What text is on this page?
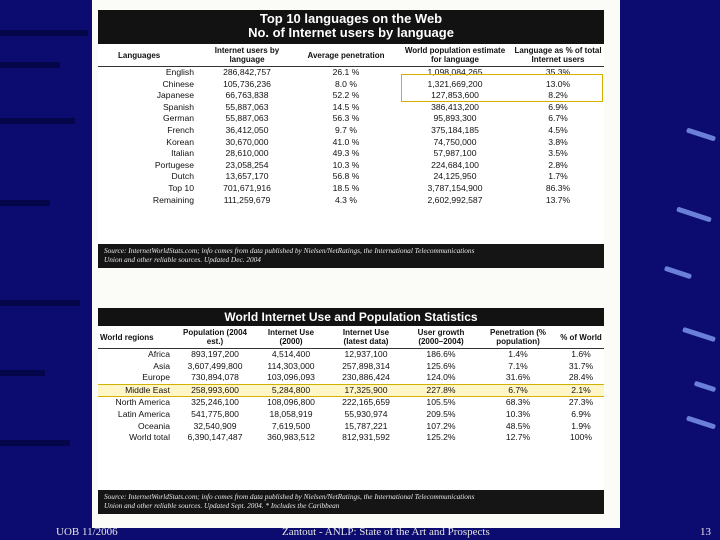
Top 10 languages on the Web
No. of Internet users by language
Languages	Internet users by language	Average penetration	World population estimate for language	Language as % of total Internet users
English	286,842,757	26.1 %	1,098,084,265	35.3%
Chinese	105,736,236	8.0 %	1,321,669,200	13.0%
Japanese	66,763,838	52.2 %	127,853,600	8.2%
Spanish	55,887,063	14.5 %	386,413,200	6.9%
German	55,887,063	56.3 %	95,893,300	6.7%
French	36,412,050	9.7 %	375,184,185	4.5%
Korean	30,670,000	41.0 %	74,750,000	3.8%
Italian	28,610,000	49.3 %	57,987,100	3.5%
Portugese	23,058,254	10.3 %	224,684,100	2.8%
Dutch	13,657,170	56.8 %	24,125,950	1.7%
Top 10	701,671,916	18.5 %	3,787,154,900	86.3%
Remaining	111,259,679	4.3 %	2,602,992,587	13.7%
Source: InternetWorldStats.com; info comes from data published by Nielsen/NetRatings, the International Telecommunications
Union and other reliable sources. Updated Dec. 2004
World Internet Use and Population Statistics
World regions	Population (2004 est.)	Internet Use (2000)	Internet Use (latest data)	User growth (2000–2004)	Penetration (% population)	% of World
Africa	893,197,200	4,514,400	12,937,100	186.6%	1.4%	1.6%
Asia	3,607,499,800	114,303,000	257,898,314	125.6%	7.1%	31.7%
Europe	730,894,078	103,096,093	230,886,424	124.0%	31.6%	28.4%
Middle East	258,993,600	5,284,800	17,325,900	227.8%	6.7%	2.1%
North America	325,246,100	108,096,800	222,165,659	105.5%	68.3%	27.3%
Latin America	541,775,800	18,058,919	55,930,974	209.5%	10.3%	6.9%
Oceania	32,540,909	7,619,500	15,787,221	107.2%	48.5%	1.9%
World total	6,390,147,487	360,983,512	812,931,592	125.2%	12.7%	100%
Source: InternetWorldStats.com; info comes from data published by Nielsen/NetRatings, the International Telecommunications
Union and other reliable sources. Updated Sept. 2004. * Includes the Caribbean
UOB 11/2006	Zantout - ANLP: State of the Art and Prospects	13
